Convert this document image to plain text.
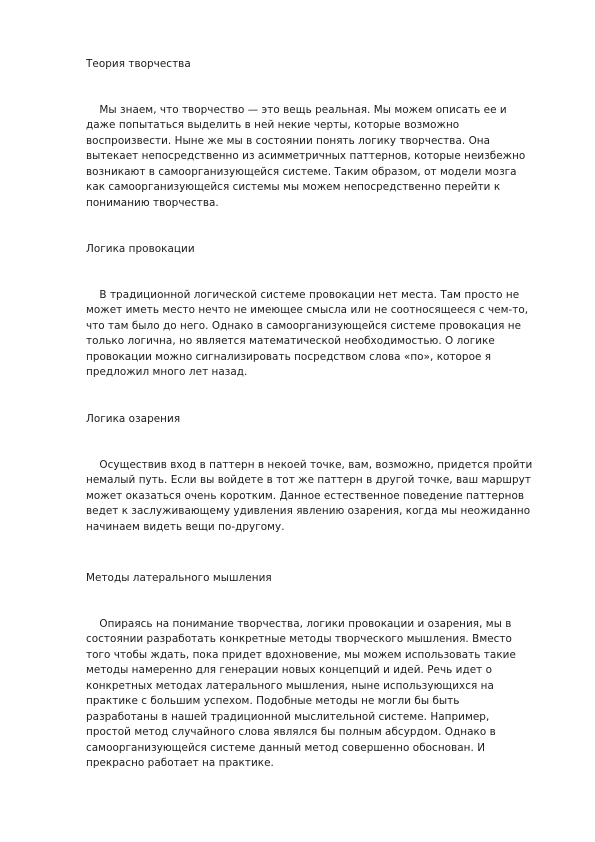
Теория творчества

Мы знаем, что творчество — это вещь реальная. Мы можем описать ее и
даже попытаться выделить в ней некие черты, которые возможно
воспроизвести. Ныне же мы в состоянии понять логику творчества. Она
вытекает непосредственно из асимметричных паттернов, которые неизбежно
возникают в самоорганизующейся системе. Таким образом, от модели мозга
как самоорганизующейся системы мы можем непосредственно перейти к
пониманию творчества.

Логика провокации

В традиционной логической системе провокации нет места. Там просто не
может иметь место нечто не имеющее смысла или не соотносящееся с чем-то,
что там было до него. Однако в самоорганизующейся системе провокация не
только логична, но является математической необходимостью. О логике
провокации можно сигнализировать посредством слова «по», которое я
предложил много лет назад.

Логика озарения

Осуществив вход в паттерн в некоей точке, вам, возможно, придется пройти
немалый путь. Если вы войдете в тот же паттерн в другой точке, ваш маршрут
может оказаться очень коротким. Данное естественное поведение паттернов
ведет к заслуживающему удивления явлению озарения, когда мы неожиданно
начинаем видеть вещи по-другому.

Методы латерального мышления

Опираясь на понимание творчества, логики провокации и озарения, мы в
состоянии разработать конкретные методы творческого мышления. Вместо
того чтобы ждать, пока придет вдохновение, мы можем использовать такие
методы намеренно для генерации новых концепций и идей. Речь идет о
конкретных методах латерального мышления, ныне использующихся на
практике с большим успехом. Подобные методы не могли бы быть
разработаны в нашей традиционной мыслительной системе. Например,
простой метод случайного слова являлся бы полным абсурдом. Однако в
самоорганизующейся системе данный метод совершенно обоснован. И
прекрасно работает на практике.
